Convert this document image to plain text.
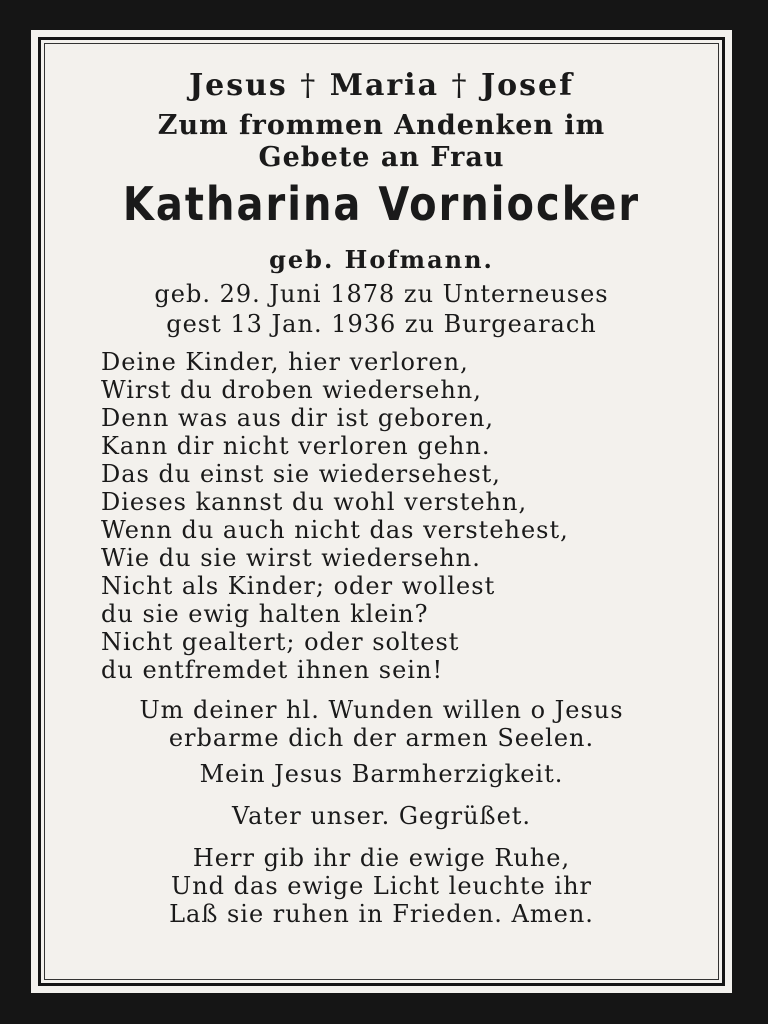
Jesus † Maria † Josef
Zum frommen Andenken im
Gebete an Frau
Katharina Vorniocker
geb. Hofmann.
geb. 29. Juni 1878 zu Unterneuses
gest 13 Jan. 1936 zu Burgearach
Deine Kinder, hier verloren,
Wirst du droben wiedersehn,
Denn was aus dir ist geboren,
Kann dir nicht verloren gehn.
Das du einst sie wiedersehest,
Dieses kannst du wohl verstehn,
Wenn du auch nicht das verstehest,
Wie du sie wirst wiedersehn.
Nicht als Kinder; oder wollest
du sie ewig halten klein?
Nicht gealtert; oder soltest
du entfremdet ihnen sein!
Um deiner hl. Wunden willen o Jesus
erbarme dich der armen Seelen.
Mein Jesus Barmherzigkeit.
Vater unser. Gegrüßet.
Herr gib ihr die ewige Ruhe,
Und das ewige Licht leuchte ihr
Laß sie ruhen in Frieden. Amen.
